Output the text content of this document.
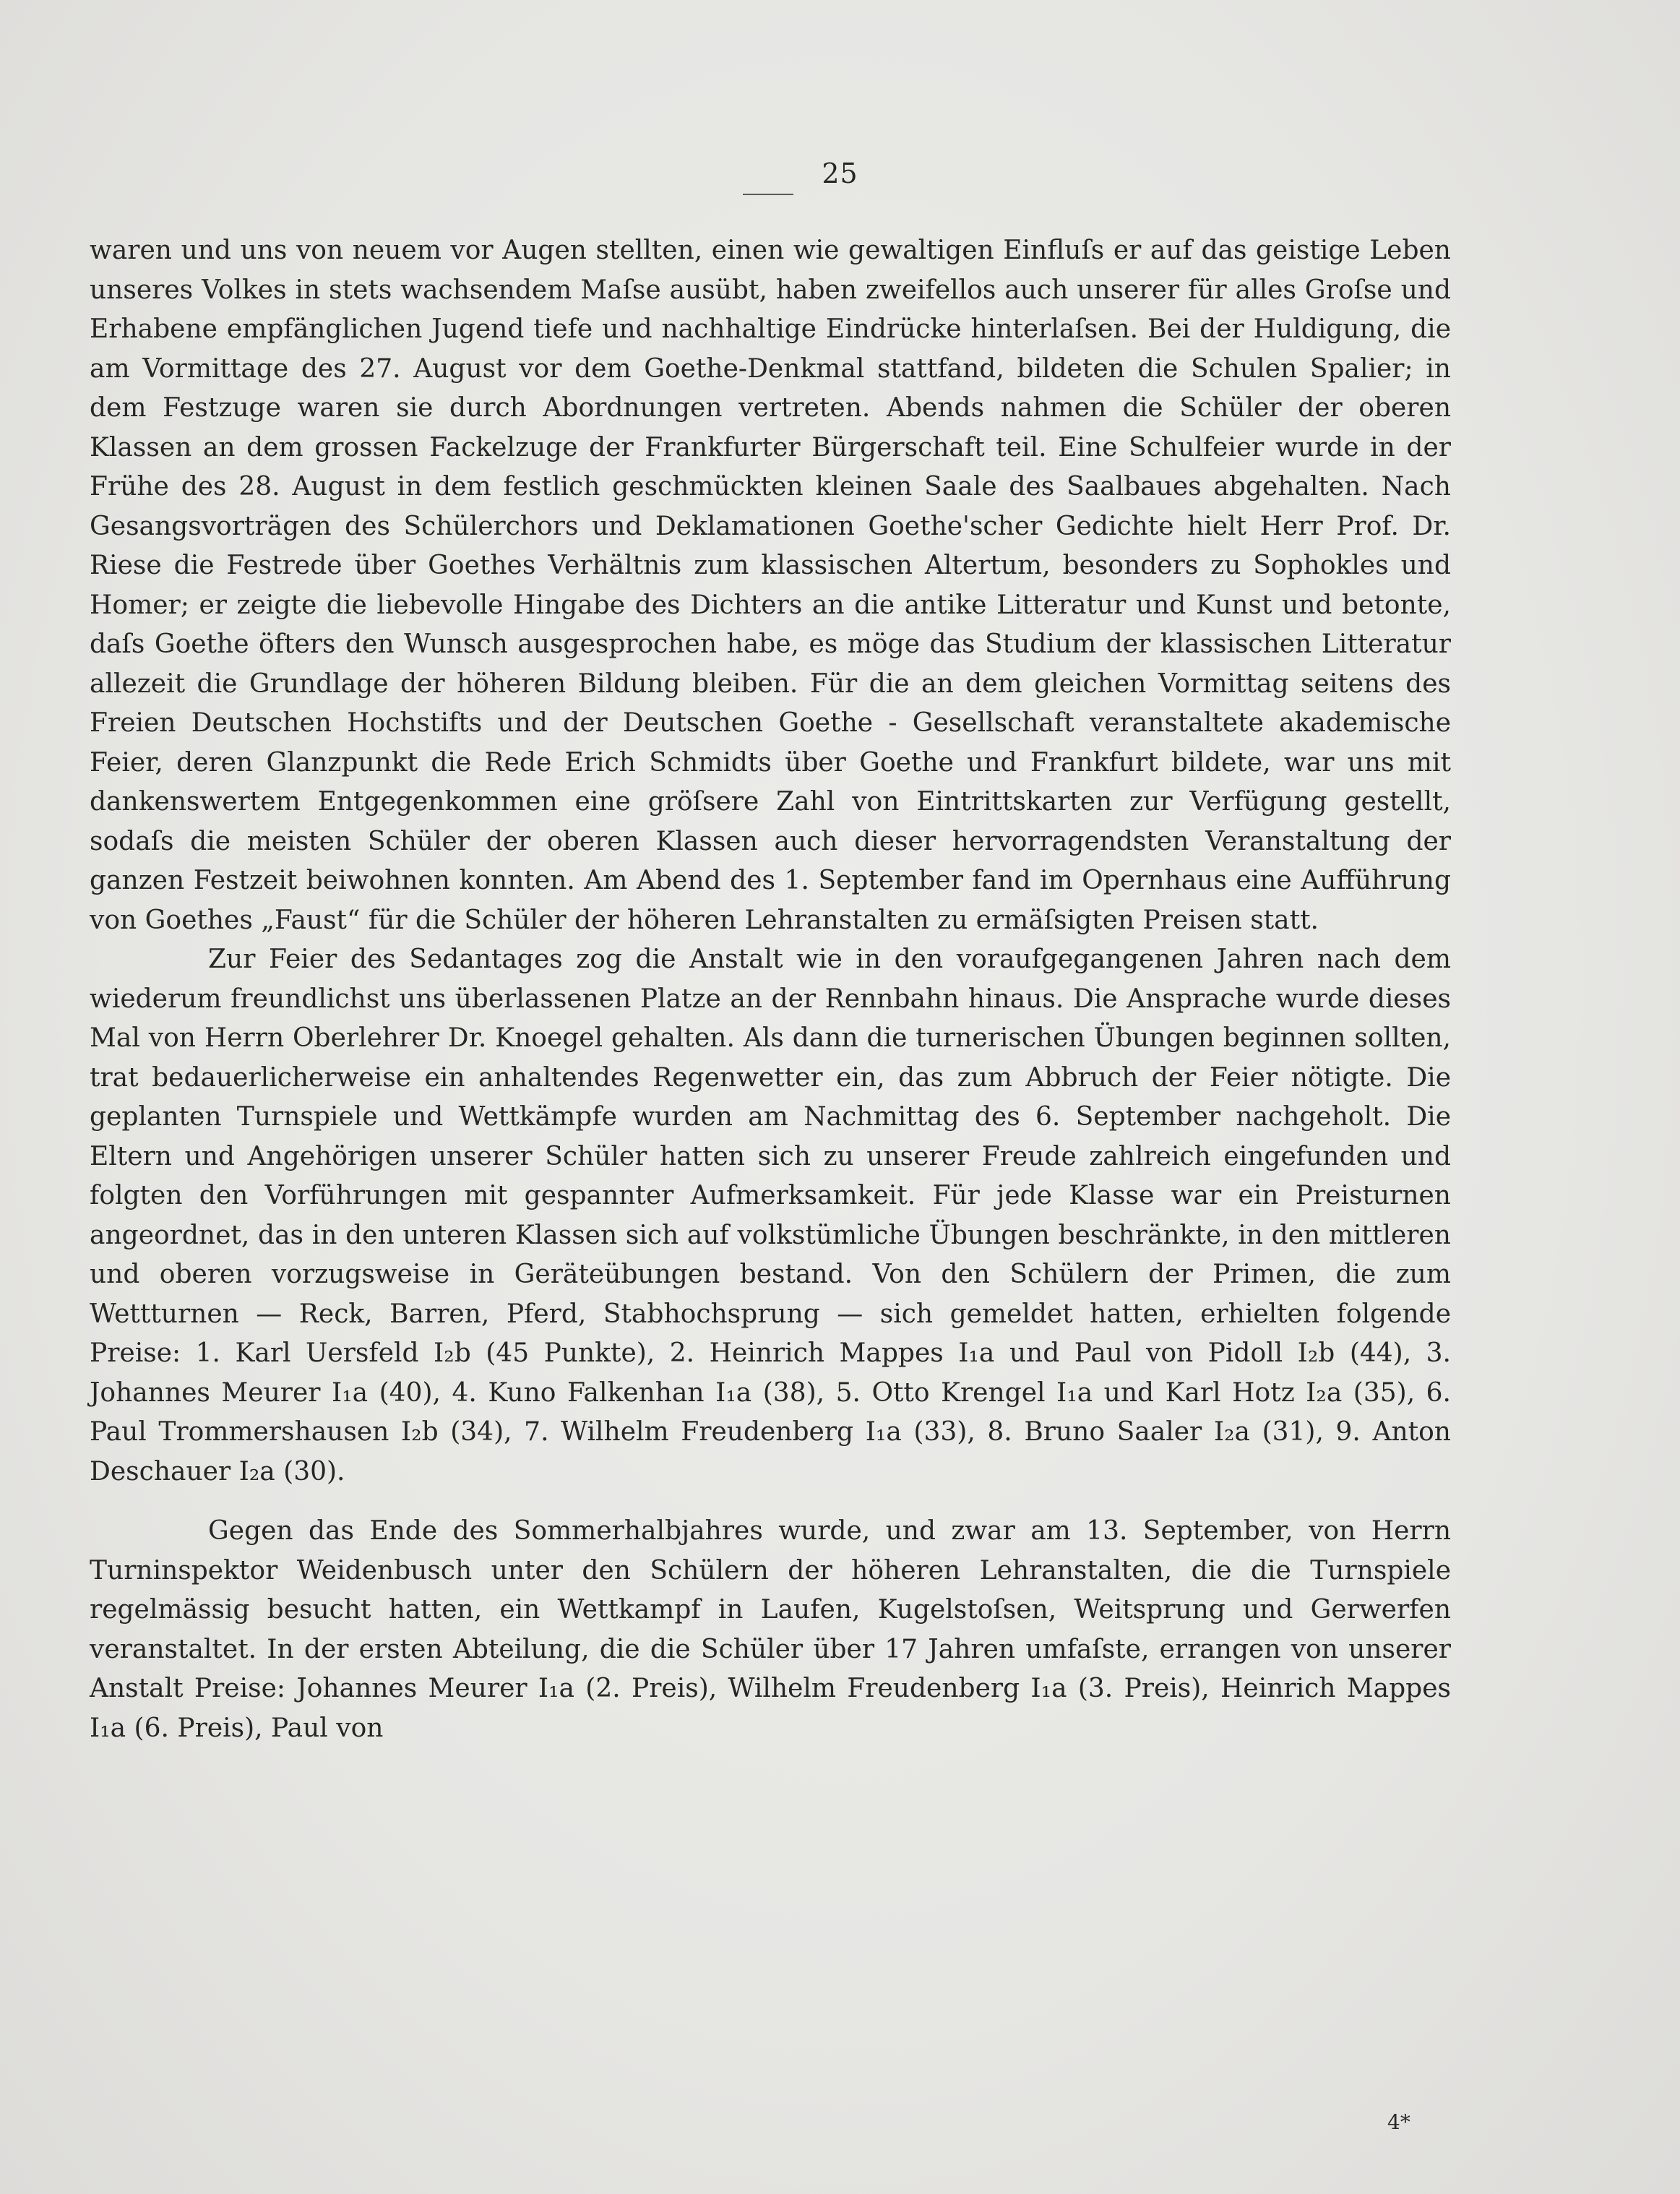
25

waren und uns von neuem vor Augen stellten, einen wie gewaltigen Einfluſs er auf das geistige Leben unseres Volkes in stets wachsendem Maſse ausübt, haben zweifellos auch unserer für alles Groſse und Erhabene empfänglichen Jugend tiefe und nachhaltige Eindrücke hinterlaſsen. Bei der Huldigung, die am Vormittage des 27. August vor dem Goethe-Denkmal stattfand, bildeten die Schulen Spalier; in dem Festzuge waren sie durch Abordnungen vertreten. Abends nahmen die Schüler der oberen Klassen an dem grossen Fackelzuge der Frankfurter Bürgerschaft teil. Eine Schulfeier wurde in der Frühe des 28. August in dem festlich geschmückten kleinen Saale des Saalbaues abgehalten. Nach Gesangsvorträgen des Schülerchors und Deklamationen Goethe'scher Gedichte hielt Herr Prof. Dr. Riese die Festrede über Goethes Verhältnis zum klassischen Altertum, besonders zu Sophokles und Homer; er zeigte die liebevolle Hingabe des Dichters an die antike Litteratur und Kunst und betonte, daſs Goethe öfters den Wunsch ausgesprochen habe, es möge das Studium der klassischen Litteratur allezeit die Grundlage der höheren Bildung bleiben. Für die an dem gleichen Vormittag seitens des Freien Deutschen Hochstifts und der Deutschen Goethe - Gesellschaft veranstaltete akademische Feier, deren Glanzpunkt die Rede Erich Schmidts über Goethe und Frankfurt bildete, war uns mit dankenswertem Entgegenkommen eine gröſsere Zahl von Eintrittskarten zur Verfügung gestellt, sodaſs die meisten Schüler der oberen Klassen auch dieser hervorragendsten Veranstaltung der ganzen Festzeit beiwohnen konnten. Am Abend des 1. September fand im Opernhaus eine Aufführung von Goethes „Faust“ für die Schüler der höheren Lehranstalten zu ermäſsigten Preisen statt.

Zur Feier des Sedantages zog die Anstalt wie in den voraufgegangenen Jahren nach dem wiederum freundlichst uns überlassenen Platze an der Rennbahn hinaus. Die Ansprache wurde dieses Mal von Herrn Oberlehrer Dr. Knoegel gehalten. Als dann die turnerischen Übungen beginnen sollten, trat bedauerlicherweise ein anhaltendes Regenwetter ein, das zum Abbruch der Feier nötigte. Die geplanten Turnspiele und Wettkämpfe wurden am Nachmittag des 6. September nachgeholt. Die Eltern und Angehörigen unserer Schüler hatten sich zu unserer Freude zahlreich eingefunden und folgten den Vorführungen mit gespannter Aufmerksamkeit. Für jede Klasse war ein Preisturnen angeordnet, das in den unteren Klassen sich auf volkstümliche Übungen beschränkte, in den mittleren und oberen vorzugsweise in Geräteübungen bestand. Von den Schülern der Primen, die zum Wettturnen — Reck, Barren, Pferd, Stabhochsprung — sich gemeldet hatten, erhielten folgende Preise: 1. Karl Uersfeld I₂b (45 Punkte), 2. Heinrich Mappes I₁a und Paul von Pidoll I₂b (44), 3. Johannes Meurer I₁a (40), 4. Kuno Falkenhan I₁a (38), 5. Otto Krengel I₁a und Karl Hotz I₂a (35), 6. Paul Trommershausen I₂b (34), 7. Wilhelm Freudenberg I₁a (33), 8. Bruno Saaler I₂a (31), 9. Anton Deschauer I₂a (30).

Gegen das Ende des Sommerhalbjahres wurde, und zwar am 13. September, von Herrn Turninspektor Weidenbusch unter den Schülern der höheren Lehranstalten, die die Turnspiele regelmässig besucht hatten, ein Wettkampf in Laufen, Kugelstoſsen, Weitsprung und Gerwerfen veranstaltet. In der ersten Abteilung, die die Schüler über 17 Jahren umfaſste, errangen von unserer Anstalt Preise: Johannes Meurer I₁a (2. Preis), Wilhelm Freudenberg I₁a (3. Preis), Heinrich Mappes I₁a (6. Preis), Paul von

4*
